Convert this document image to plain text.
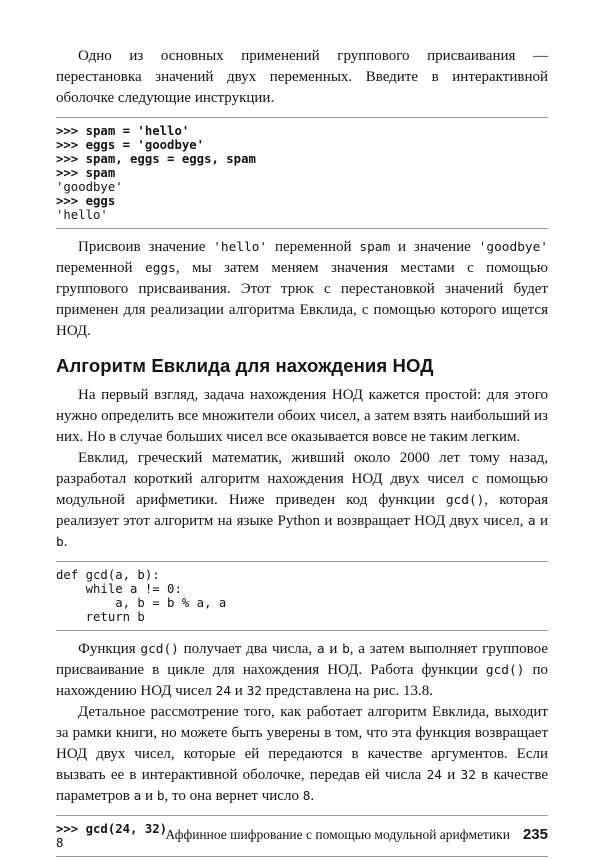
Одно из основных применений группового присваивания — перестановка значений двух переменных. Введите в интерактивной оболочке следующие инструкции.

>>> spam = 'hello'
>>> eggs = 'goodbye'
>>> spam, eggs = eggs, spam
>>> spam
'goodbye'
>>> eggs
'hello'

Присвоив значение 'hello' переменной spam и значение 'goodbye' переменной eggs, мы затем меняем значения местами с помощью группового присваивания. Этот трюк с перестановкой значений будет применен для реализации алгоритма Евклида, с помощью которого ищется НОД.

Алгоритм Евклида для нахождения НОД

На первый взгляд, задача нахождения НОД кажется простой: для этого нужно определить все множители обоих чисел, а затем взять наибольший из них. Но в случае больших чисел все оказывается вовсе не таким легким.

Евклид, греческий математик, живший около 2000 лет тому назад, разработал короткий алгоритм нахождения НОД двух чисел с помощью модульной арифметики. Ниже приведен код функции gcd(), которая реализует этот алгоритм на языке Python и возвращает НОД двух чисел, a и b.

def gcd(a, b):
while a != 0:
a, b = b % a, a
return b

Функция gcd() получает два числа, a и b, а затем выполняет групповое присваивание в цикле для нахождения НОД. Работа функции gcd() по нахождению НОД чисел 24 и 32 представлена на рис. 13.8.

Детальное рассмотрение того, как работает алгоритм Евклида, выходит за рамки книги, но можете быть уверены в том, что эта функция возвращает НОД двух чисел, которые ей передаются в качестве аргументов. Если вызвать ее в интерактивной оболочке, передав ей числа 24 и 32 в качестве параметров a и b, то она вернет число 8.

>>> gcd(24, 32)
8
Аффинное шифрование с помощью модульной арифметики 235
